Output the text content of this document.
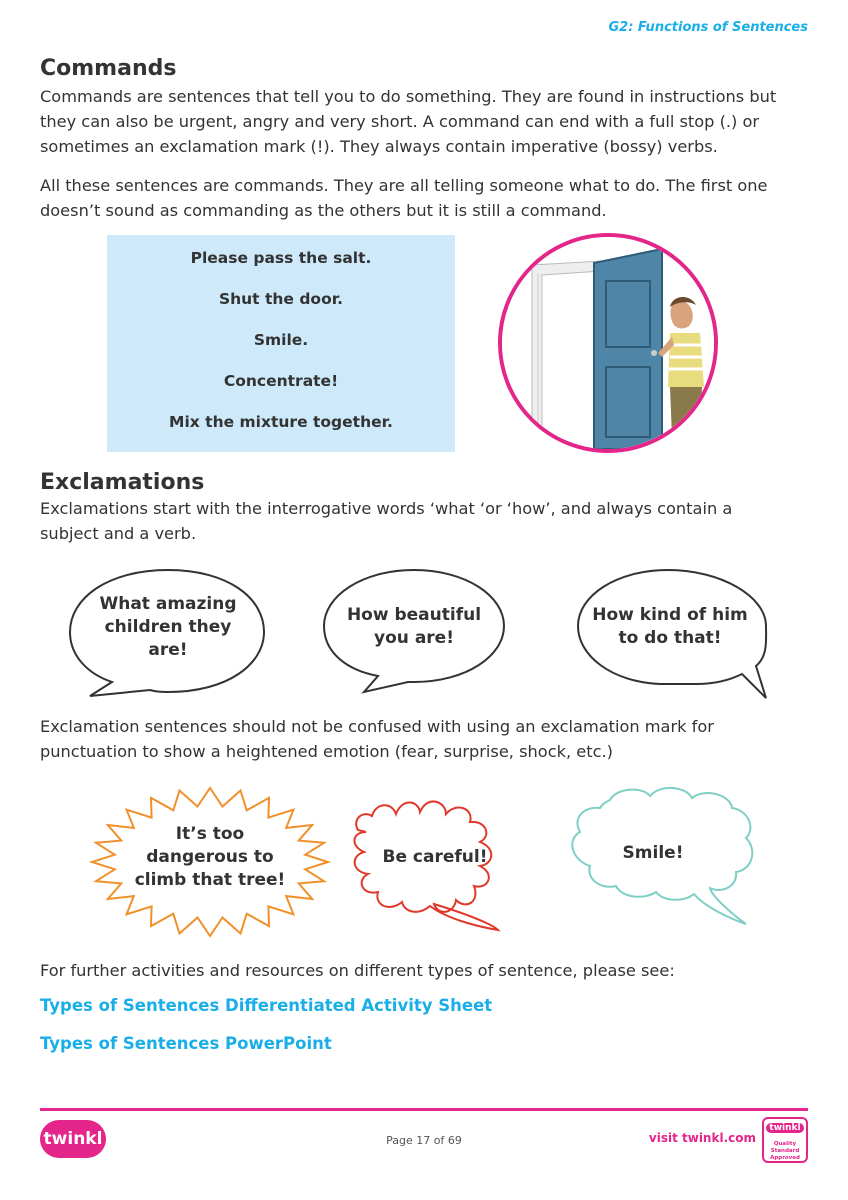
G2: Functions of Sentences
Commands
Commands are sentences that tell you to do something. They are found in instructions but
they can also be urgent, angry and very short. A command can end with a full stop (.) or
sometimes an exclamation mark (!). They always contain imperative (bossy) verbs.
All these sentences are commands. They are all telling someone what to do. The first one
doesn’t sound as commanding as the others but it is still a command.
Please pass the salt.
Shut the door.
Smile.
Concentrate!
Mix the mixture together.
Exclamations
Exclamations start with the interrogative words ‘what ‘or ‘how’, and always contain a
subject and a verb.
What amazing
children they
are!
How beautiful
you are!
How kind of him
to do that!
Exclamation sentences should not be confused with using an exclamation mark for
punctuation to show a heightened emotion (fear, surprise, shock, etc.)
It’s too
dangerous to
climb that tree!
Be careful!	Smile!
For further activities and resources on different types of sentence, please see:
Types of Sentences Differentiated Activity Sheet
Types of Sentences PowerPoint
twinkl	Page 17 of 69	visit twinkl.com
twinkl
Quality Standard
Approved
